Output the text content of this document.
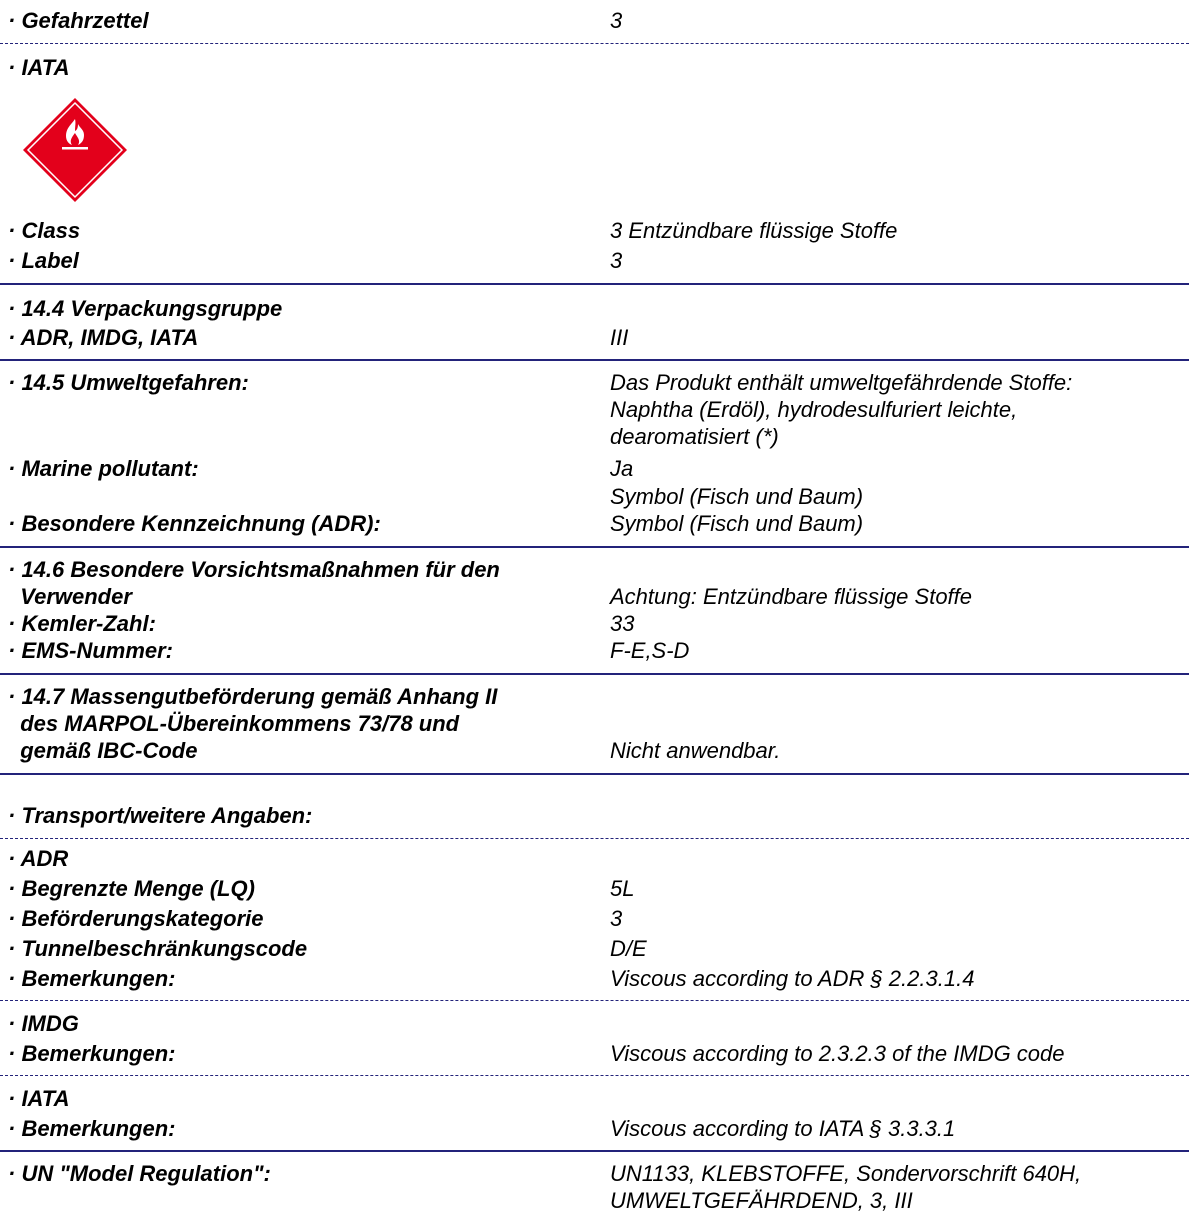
· Gefahrzettel	3
· IATA
· Class	3 Entzündbare flüssige Stoffe
· Label	3
· 14.4 Verpackungsgruppe
· ADR, IMDG, IATA	III
· 14.5 Umweltgefahren:	Das Produkt enthält umweltgefährdende Stoffe:
Naphtha (Erdöl), hydrodesulfuriert leichte,
dearomatisiert (*)
· Marine pollutant:	Ja
Symbol (Fisch und Baum)
· Besondere Kennzeichnung (ADR):	Symbol (Fisch und Baum)
· 14.6 Besondere Vorsichtsmaßnahmen für den
Verwender	Achtung: Entzündbare flüssige Stoffe
· Kemler-Zahl:	33
· EMS-Nummer:	F-E,S-D
· 14.7 Massengutbeförderung gemäß Anhang II
des MARPOL-Übereinkommens 73/78 und
gemäß IBC-Code	Nicht anwendbar.
· Transport/weitere Angaben:
· ADR
· Begrenzte Menge (LQ)	5L
· Beförderungskategorie	3
· Tunnelbeschränkungscode	D/E
· Bemerkungen:	Viscous according to ADR § 2.2.3.1.4
· IMDG
· Bemerkungen:	Viscous according to 2.3.2.3 of the IMDG code
· IATA
· Bemerkungen:	Viscous according to IATA § 3.3.3.1
· UN "Model Regulation":	UN1133, KLEBSTOFFE, Sondervorschrift 640H,
UMWELTGEFÄHRDEND, 3, III
